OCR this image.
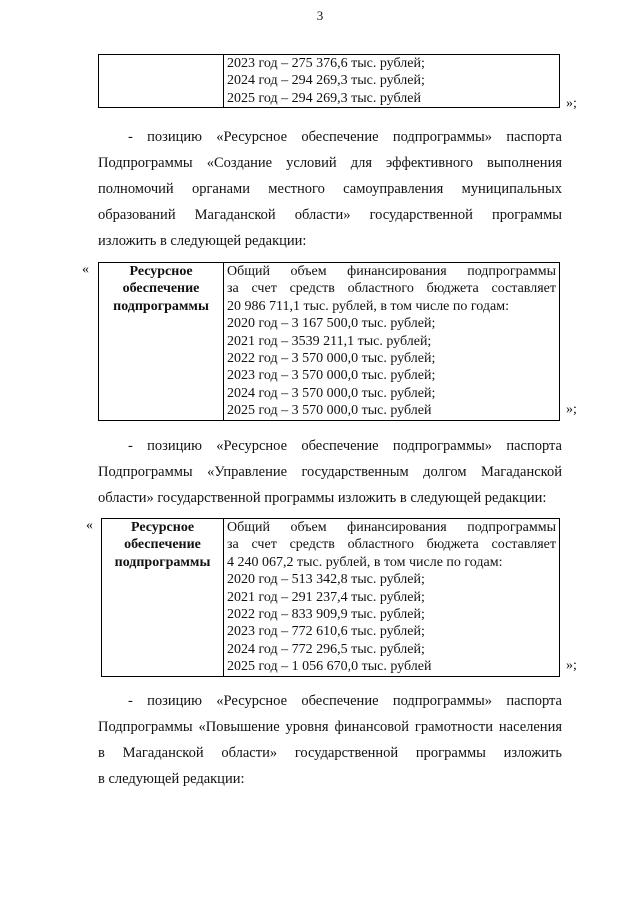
3

2023 год – 275 376,6 тыс. рублей;
2024 год – 294 269,3 тыс. рублей;
2025 год – 294 269,3 тыс. рублей	»;
- позицию «Ресурсное обеспечение подпрограммы» паспорта
Подпрограммы «Создание условий для эффективного выполнения
полномочий органами местного самоуправления муниципальных
образований Магаданской области» государственной программы
изложить в следующей редакции:
«	Ресурсное
обеспечение
подпрограммы

Общий объем финансирования подпрограммы
за счет средств областного бюджета составляет
20 986 711,1 тыс. рублей, в том числе по годам:
2020 год – 3 167 500,0 тыс. рублей;
2021 год – 3539 211,1 тыс. рублей;
2022 год – 3 570 000,0 тыс. рублей;
2023 год – 3 570 000,0 тыс. рублей;
2024 год – 3 570 000,0 тыс. рублей;
2025 год – 3 570 000,0 тыс. рублей	»;
- позицию «Ресурсное обеспечение подпрограммы» паспорта
Подпрограммы «Управление государственным долгом Магаданской
области» государственной программы изложить в следующей редакции:
«	Ресурсное
обеспечение
подпрограммы

Общий объем финансирования подпрограммы
за счет средств областного бюджета составляет
4 240 067,2 тыс. рублей, в том числе по годам:
2020 год – 513 342,8 тыс. рублей;
2021 год – 291 237,4 тыс. рублей;
2022 год – 833 909,9 тыс. рублей;
2023 год – 772 610,6 тыс. рублей;
2024 год – 772 296,5 тыс. рублей;
2025 год – 1 056 670,0 тыс. рублей	»;
- позицию «Ресурсное обеспечение подпрограммы» паспорта
Подпрограммы «Повышение уровня финансовой грамотности населения
в Магаданской области» государственной программы изложить
в следующей редакции:
